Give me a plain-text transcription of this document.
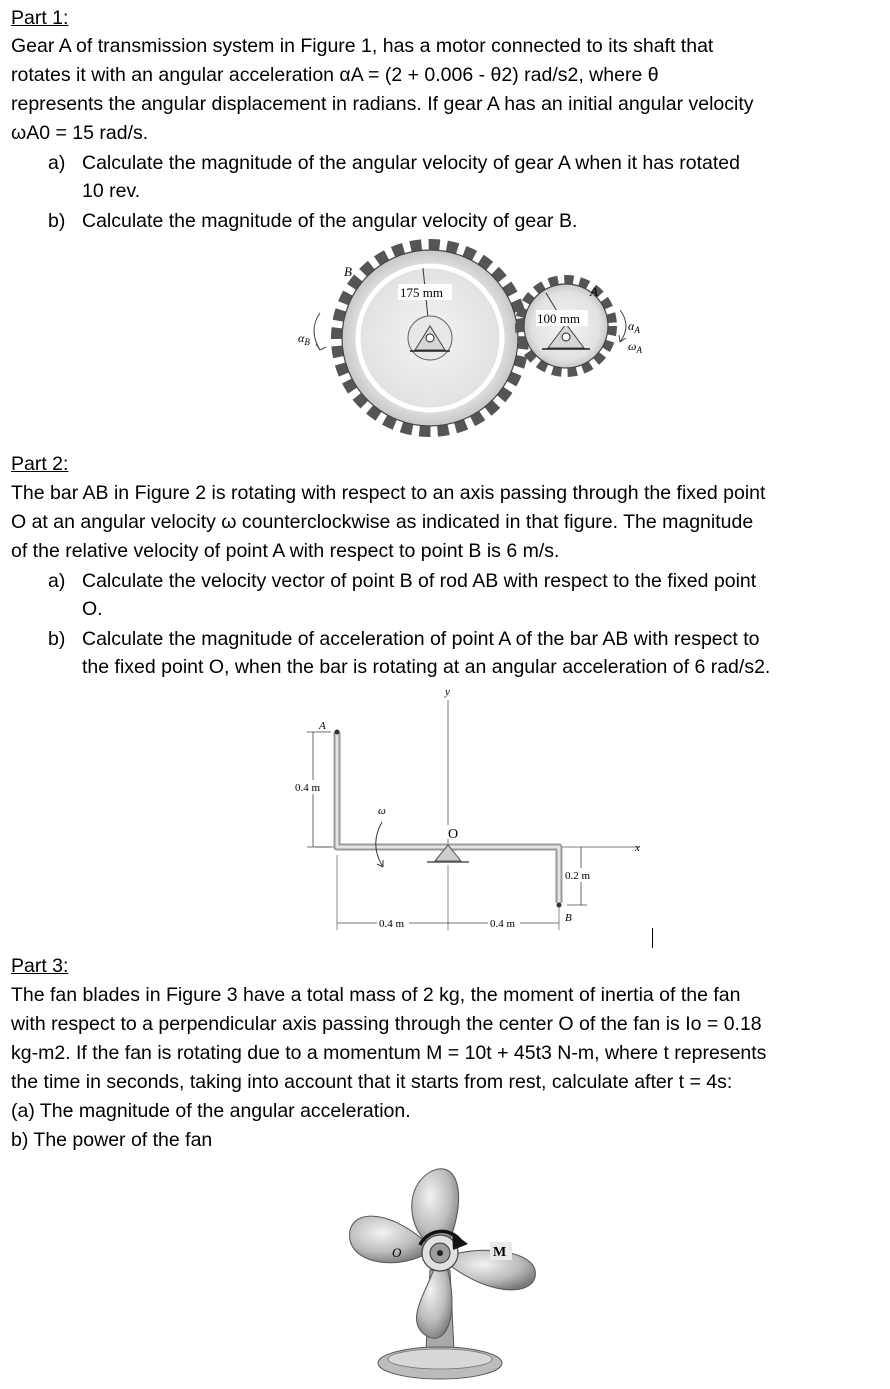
Part 1:
Gear A of transmission system in Figure 1, has a motor connected to its shaft that
rotates it with an angular acceleration αA = (2 + 0.006 - θ2) rad/s2, where θ
represents the angular displacement in radians. If gear A has an initial angular velocity
ωA0 = 15 rad/s.
a) Calculate the magnitude of the angular velocity of gear A when it has rotated
10 rev.
b) Calculate the magnitude of the angular velocity of gear B.
B
A
175 mm
100 mm
$\alpha_B$
$\alpha_A$
$\omega_A$
Part 2:
The bar AB in Figure 2 is rotating with respect to an axis passing through the fixed point
O at an angular velocity ω counterclockwise as indicated in that figure. The magnitude
of the relative velocity of point A with respect to point B is 6 m/s.
a) Calculate the velocity vector of point B of rod AB with respect to the fixed point
O.
b) Calculate the magnitude of acceleration of point A of the bar AB with respect to
the fixed point O, when the bar is rotating at an angular acceleration of 6 rad/s2.
y
x
A
B
O
ω
0.4 m
0.2 m
0.4 m	0.4 m
Part 3:
The fan blades in Figure 3 have a total mass of 2 kg, the moment of inertia of the fan
with respect to a perpendicular axis passing through the center O of the fan is Io = 0.18
kg-m2. If the fan is rotating due to a momentum M = 10t + 45t3 N-m, where t represents
the time in seconds, taking into account that it starts from rest, calculate after t = 4s:
(a) The magnitude of the angular acceleration.
b) The power of the fan
O	M
